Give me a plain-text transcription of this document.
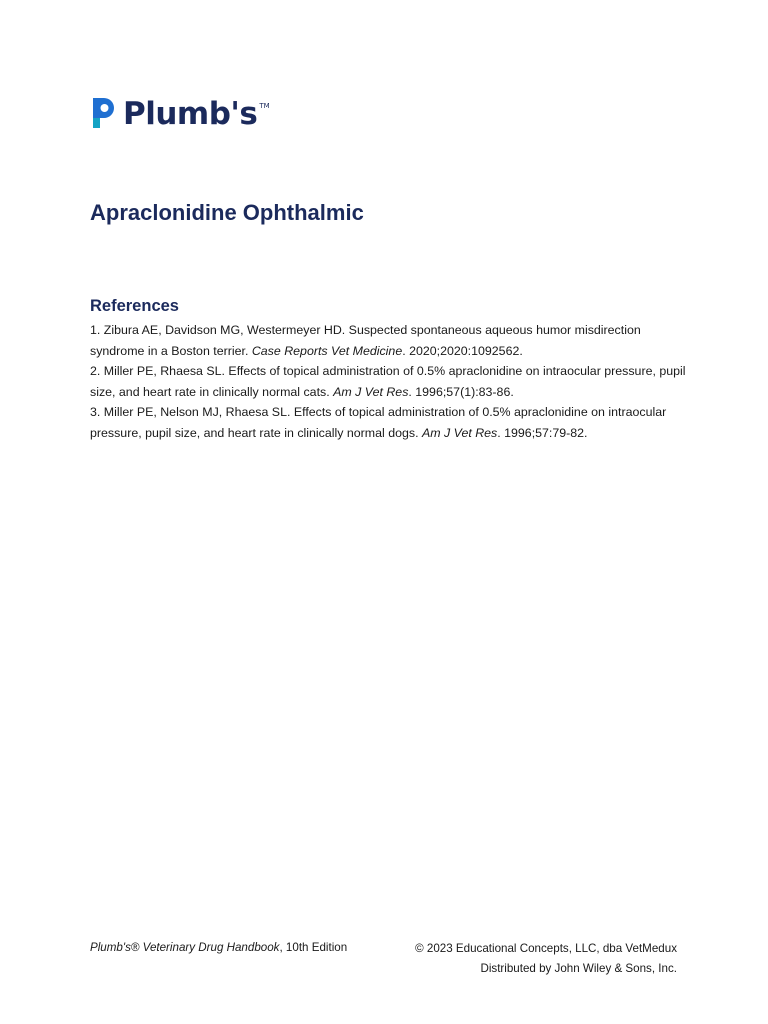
Plumb's TM
Apraclonidine Ophthalmic
References
1. Zibura AE, Davidson MG, Westermeyer HD. Suspected spontaneous aqueous humor misdirection syndrome in a Boston terrier. Case Reports Vet Medicine. 2020;2020:1092562.
2. Miller PE, Rhaesa SL. Effects of topical administration of 0.5% apraclonidine on intraocular pressure, pupil size, and heart rate in clinically normal cats. Am J Vet Res. 1996;57(1):83-86.
3. Miller PE, Nelson MJ, Rhaesa SL. Effects of topical administration of 0.5% apraclonidine on intraocular pressure, pupil size, and heart rate in clinically normal dogs. Am J Vet Res. 1996;57:79-82.
Plumb's® Veterinary Drug Handbook, 10th Edition	© 2023 Educational Concepts, LLC, dba VetMedux
Distributed by John Wiley & Sons, Inc.
